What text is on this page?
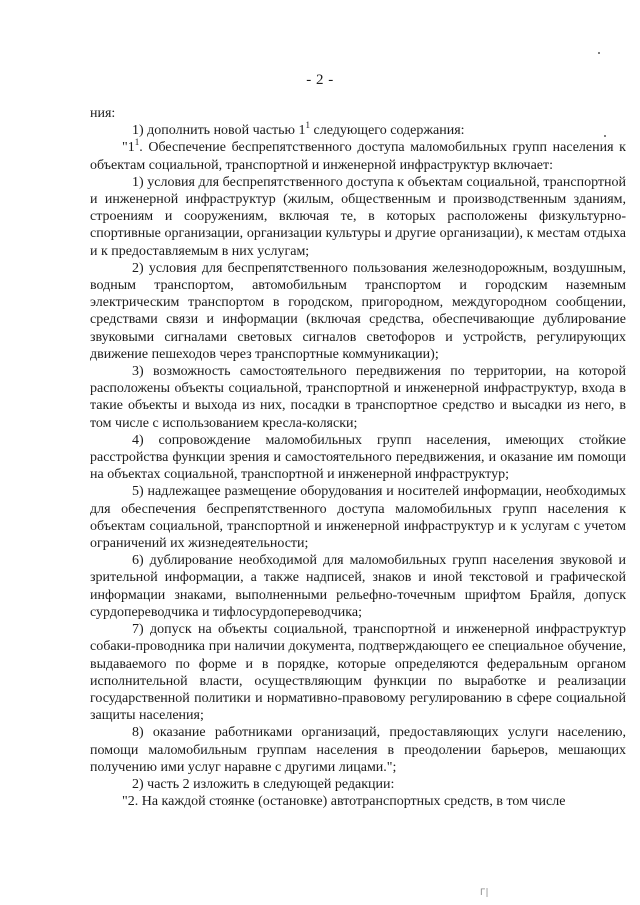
- 2 -

ния:

1) дополнить новой частью $1^1$ следующего содержания:

"$1^1$. Обеспечение беспрепятственного доступа маломобильных групп населения к объектам социальной, транспортной и инженерной инфраструктур включает:

1) условия для беспрепятственного доступа к объектам социальной, транспортной и инженерной инфраструктур (жилым, общественным и производственным зданиям, строениям и сооружениям, включая те, в которых расположены физкультурно-спортивные организации, организации культуры и другие организации), к местам отдыха и к предоставляемым в них услугам;

2) условия для беспрепятственного пользования железнодорожным, воздушным, водным транспортом, автомобильным транспортом и городским наземным электрическим транспортом в городском, пригородном, междугородном сообщении, средствами связи и информации (включая средства, обеспечивающие дублирование звуковыми сигналами световых сигналов светофоров и устройств, регулирующих движение пешеходов через транспортные коммуникации);

3) возможность самостоятельного передвижения по территории, на которой расположены объекты социальной, транспортной и инженерной инфраструктур, входа в такие объекты и выхода из них, посадки в транспортное средство и высадки из него, в том числе с использованием кресла-коляски;

4) сопровождение маломобильных групп населения, имеющих стойкие расстройства функции зрения и самостоятельного передвижения, и оказание им помощи на объектах социальной, транспортной и инженерной инфраструктур;

5) надлежащее размещение оборудования и носителей информации, необходимых для обеспечения беспрепятственного доступа маломобильных групп населения к объектам социальной, транспортной и инженерной инфраструктур и к услугам с учетом ограничений их жизнедеятельности;

6) дублирование необходимой для маломобильных групп населения звуковой и зрительной информации, а также надписей, знаков и иной текстовой и графической информации знаками, выполненными рельефно-точечным шрифтом Брайля, допуск сурдопереводчика и тифлосурдопереводчика;

7) допуск на объекты социальной, транспортной и инженерной инфраструктур собаки-проводника при наличии документа, подтверждающего ее специальное обучение, выдаваемого по форме и в порядке, которые определяются федеральным органом исполнительной власти, осуществляющим функции по выработке и реализации государственной политики и нормативно-правовому регулированию в сфере социальной защиты населения;

8) оказание работниками организаций, предоставляющих услуги населению, помощи маломобильным группам населения в преодолении барьеров, мешающих получению ими услуг наравне с другими лицами.";

2) часть 2 изложить в следующей редакции:

"2. На каждой стоянке (остановке) автотранспортных средств, в том числе

Г|
